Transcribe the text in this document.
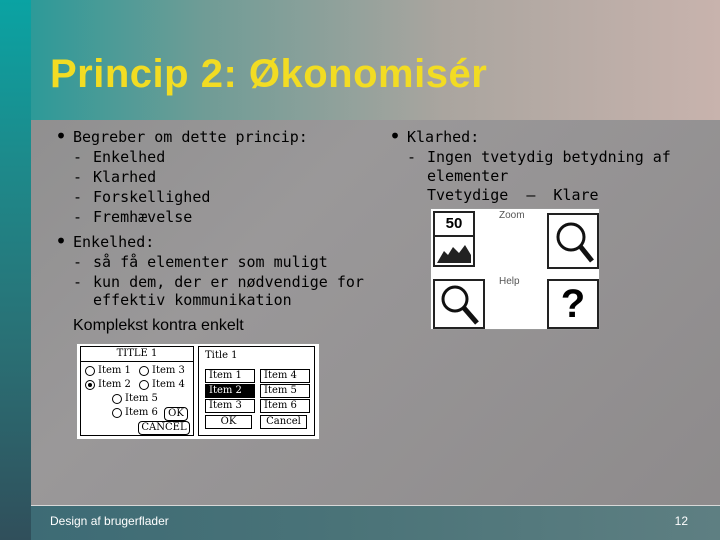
Princip 2: Økonomisér
• Begreber om dette princip:
- Enkelhed
- Klarhed
- Forskellighed
- Fremhævelse
• Enkelhed:
- så få elementer som muligt
- kun dem, der er nødvendige for
effektiv kommunikation
Komplekst kontra enkelt
TITLE 1
Item 1 Item 3
Item 2 Item 4
Item 5
Item 6	OK
CANCEL
Title 1
Item 1	Item 4
Item 2	Item 5
Item 3	Item 6
OK	Cancel
• Klarhed:
- Ingen tvetydig betydning af
elementer
Tvetydige  –  Klare
50	Zoom
Help
?
Design af brugerflader	12
